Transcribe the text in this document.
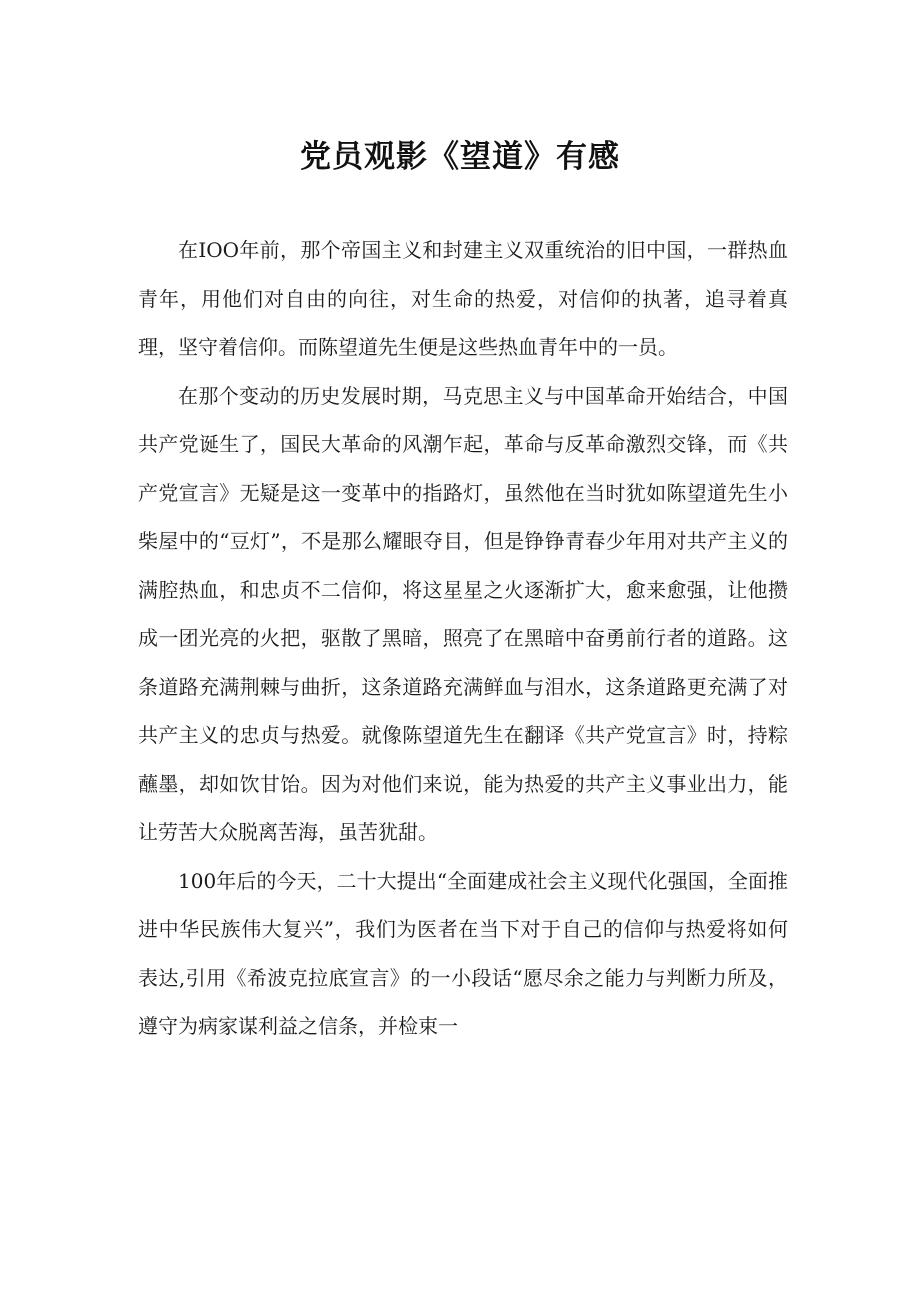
党员观影《望道》有感

在IOO年前，那个帝国主义和封建主义双重统治的旧中国，一群热血青年，用他们对自由的向往，对生命的热爱，对信仰的执著，追寻着真理，坚守着信仰。而陈望道先生便是这些热血青年中的一员。

在那个变动的历史发展时期，马克思主义与中国革命开始结合，中国共产党诞生了，国民大革命的风潮乍起，革命与反革命激烈交锋，而《共产党宣言》无疑是这一变革中的指路灯，虽然他在当时犹如陈望道先生小柴屋中的“豆灯”，不是那么耀眼夺目，但是铮铮青春少年用对共产主义的满腔热血，和忠贞不二信仰，将这星星之火逐渐扩大，愈来愈强，让他攒成一团光亮的火把，驱散了黑暗，照亮了在黑暗中奋勇前行者的道路。这条道路充满荆棘与曲折，这条道路充满鲜血与泪水，这条道路更充满了对共产主义的忠贞与热爱。就像陈望道先生在翻译《共产党宣言》时，持粽蘸墨，却如饮甘饴。因为对他们来说，能为热爱的共产主义事业出力，能让劳苦大众脱离苦海，虽苦犹甜。

100年后的今天，二十大提出“全面建成社会主义现代化强国，全面推进中华民族伟大复兴”，我们为医者在当下对于自己的信仰与热爱将如何表达,引用《希波克拉底宣言》的一小段话“愿尽余之能力与判断力所及，遵守为病家谋利益之信条，并检束一
